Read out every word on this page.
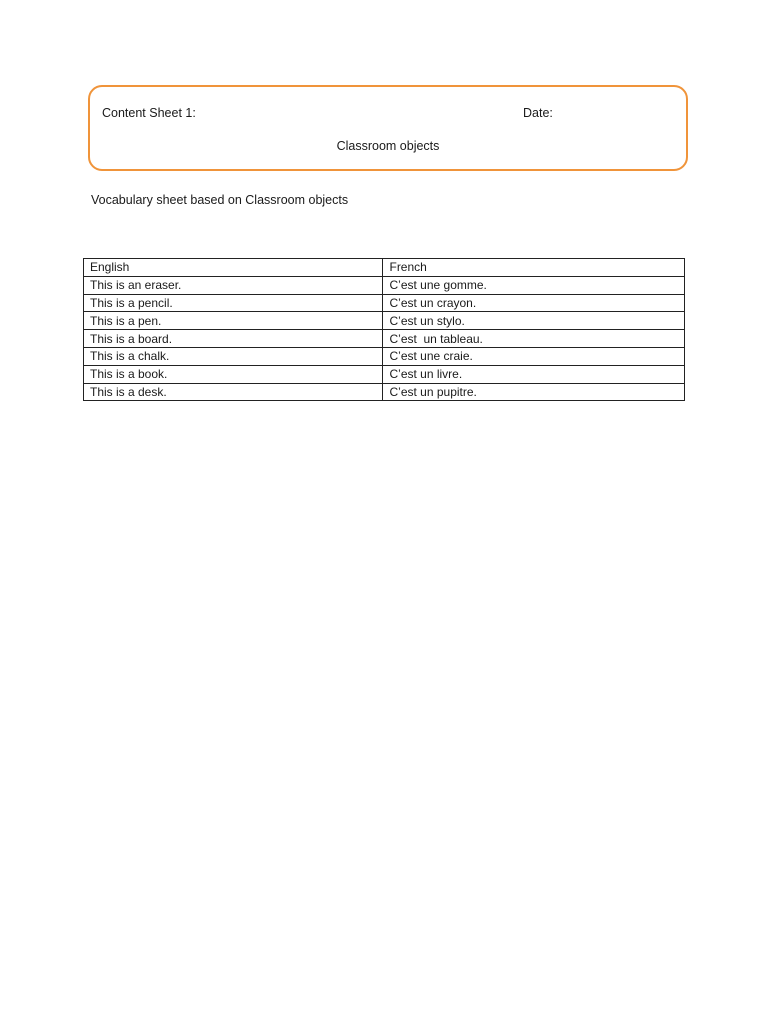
Content Sheet 1:	Date:
Classroom objects
Vocabulary sheet based on Classroom objects
English	French
This is an eraser.	C’est une gomme.
This is a pencil.	C’est un crayon.
This is a pen.	C’est un stylo.
This is a board.	C’est  un tableau.
This is a chalk.	C’est une craie.
This is a book.	C’est un livre.
This is a desk.	C’est un pupitre.
